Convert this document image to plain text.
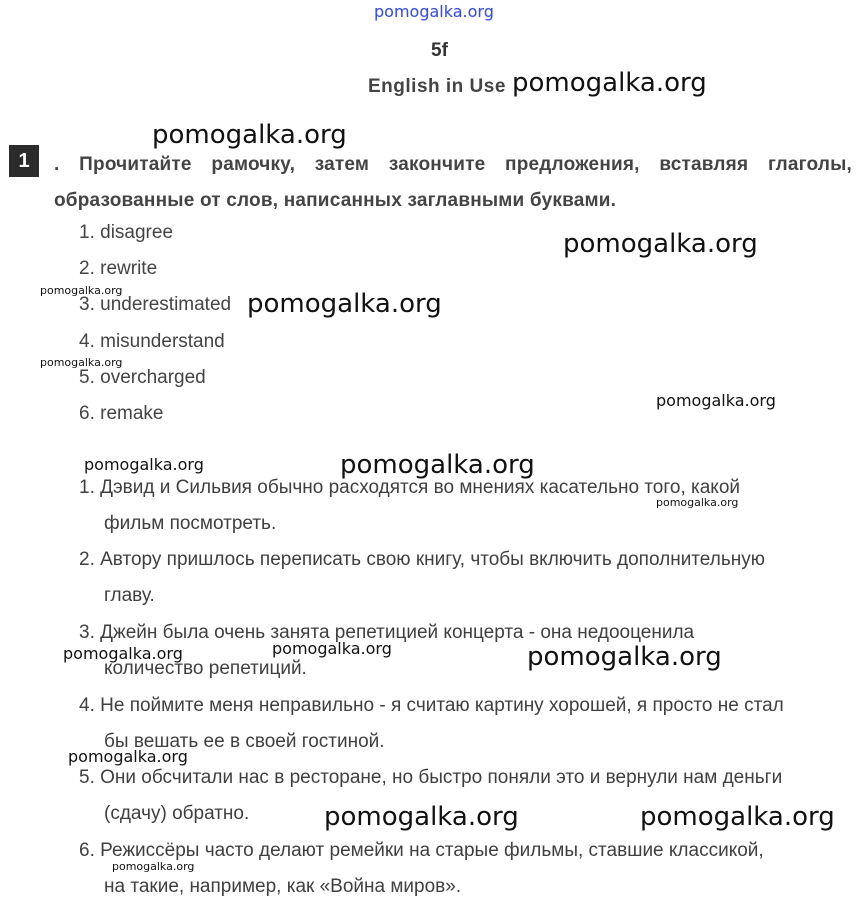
pomogalka.org
5f
English in Use
1	. Прочитайте рамочку, затем закончите предложения, вставляя глаголы, образованные от слов, написанных заглавными буквами.
1. disagree
2. rewrite
3. underestimated
4. misunderstand
5. overcharged
6. remake
1. Дэвид и Сильвия обычно расходятся во мнениях касательно того, какой
фильм посмотреть.
2. Автору пришлось переписать свою книгу, чтобы включить дополнительную
главу.
3. Джейн была очень занята репетицией концерта - она недооценила
количество репетиций.
4. Не поймите меня неправильно - я считаю картину хорошей, я просто не стал
бы вешать ее в своей гостиной.
5. Они обсчитали нас в ресторане, но быстро поняли это и вернули нам деньги
(сдачу) обратно.
6. Режиссёры часто делают ремейки на старые фильмы, ставшие классикой,
на такие, например, как «Война миров».
pomogalka.org
pomogalka.org
pomogalka.org
pomogalka.org
pomogalka.org
pomogalka.org
pomogalka.org
pomogalka.org	pomogalka.org
pomogalka.org
pomogalka.org	pomogalka.org	pomogalka.org
pomogalka.org
pomogalka.org	pomogalka.org
pomogalka.org
